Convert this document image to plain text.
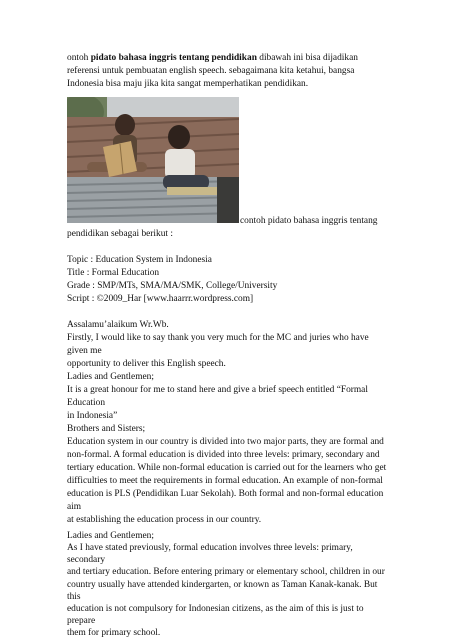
ontoh pidato bahasa inggris tentang pendidikan dibawah ini bisa dijadikan
referensi untuk pembuatan english speech. sebagaimana kita ketahui, bangsa
Indonesia bisa maju jika kita sangat memperhatikan pendidikan.
contoh pidato bahasa inggris tentang
pendidikan sebagai berikut :
Topic : Education System in Indonesia
Title : Formal Education
Grade : SMP/MTs, SMA/MA/SMK, College/University
Script : ©2009_Har [www.haarrr.wordpress.com]
Assalamu’alaikum Wr.Wb.
Firstly, I would like to say thank you very much for the MC and juries who have
given me
opportunity to deliver this English speech.
Ladies and Gentlemen;
It is a great honour for me to stand here and give a brief speech entitled “Formal
Education
in Indonesia”
Brothers and Sisters;
Education system in our country is divided into two major parts, they are formal and
non-formal. A formal education is divided into three levels: primary, secondary and
tertiary education. While non-formal education is carried out for the learners who get
difficulties to meet the requirements in formal education. An example of non-formal
education is PLS (Pendidikan Luar Sekolah). Both formal and non-formal education
aim
at establishing the education process in our country.
Ladies and Gentlemen;
As I have stated previously, formal education involves three levels: primary,
secondary
and tertiary education. Before entering primary or elementary school, children in our
country usually have attended kindergarten, or known as Taman Kanak-kanak. But
this
education is not compulsory for Indonesian citizens, as the aim of this is just to
prepare
them for primary school.
